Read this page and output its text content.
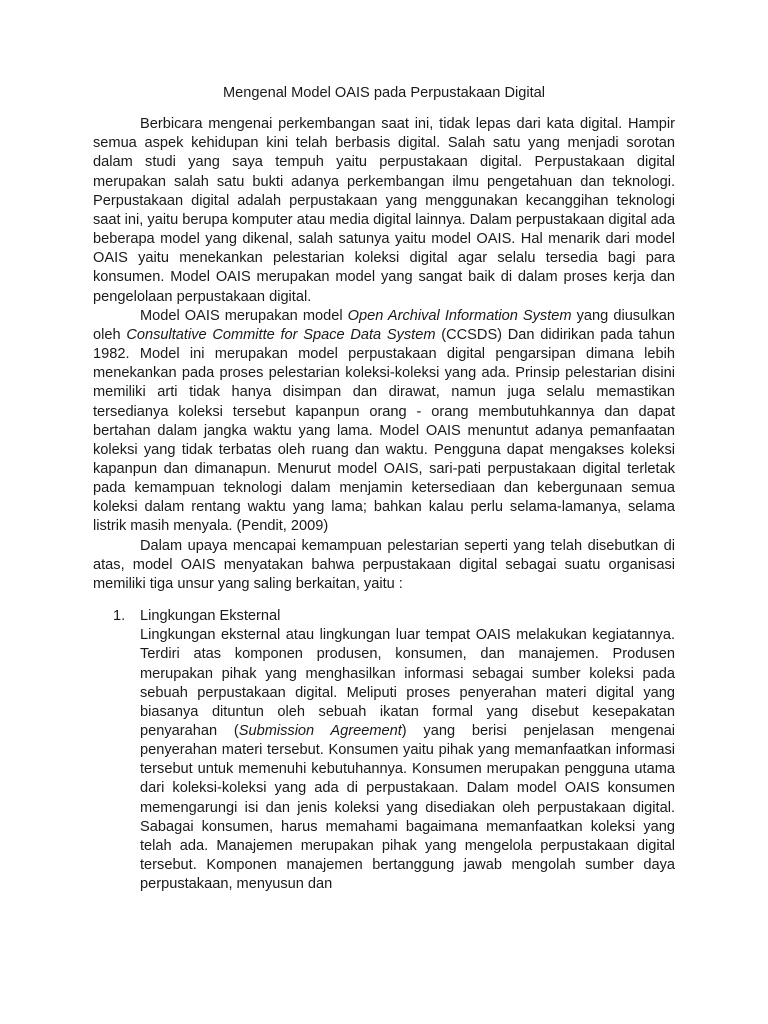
Mengenal Model OAIS pada Perpustakaan Digital

Berbicara mengenai perkembangan saat ini, tidak lepas dari kata digital. Hampir semua aspek kehidupan kini telah berbasis digital. Salah satu yang menjadi sorotan dalam studi yang saya tempuh yaitu perpustakaan digital. Perpustakaan digital merupakan salah satu bukti adanya perkembangan ilmu pengetahuan dan teknologi. Perpustakaan digital adalah perpustakaan yang menggunakan kecanggihan teknologi saat ini, yaitu berupa komputer atau media digital lainnya. Dalam perpustakaan digital ada beberapa model yang dikenal, salah satunya yaitu model OAIS. Hal menarik dari model OAIS yaitu menekankan pelestarian koleksi digital agar selalu tersedia bagi para konsumen. Model OAIS merupakan model yang sangat baik di dalam proses kerja dan pengelolaan perpustakaan digital.

Model OAIS merupakan model Open Archival Information System yang diusulkan oleh Consultative Committe for Space Data System (CCSDS) Dan didirikan pada tahun 1982. Model ini merupakan model perpustakaan digital pengarsipan dimana lebih menekankan pada proses pelestarian koleksi-koleksi yang ada. Prinsip pelestarian disini memiliki arti tidak hanya disimpan dan dirawat, namun juga selalu memastikan tersedianya koleksi tersebut kapanpun orang - orang membutuhkannya dan dapat bertahan dalam jangka waktu yang lama. Model OAIS menuntut adanya pemanfaatan koleksi yang tidak terbatas oleh ruang dan waktu. Pengguna dapat mengakses koleksi kapanpun dan dimanapun. Menurut model OAIS, sari-pati perpustakaan digital terletak pada kemampuan teknologi dalam menjamin ketersediaan dan kebergunaan semua koleksi dalam rentang waktu yang lama; bahkan kalau perlu selama-lamanya, selama listrik masih menyala. (Pendit, 2009)

Dalam upaya mencapai kemampuan pelestarian seperti yang telah disebutkan di atas, model OAIS menyatakan bahwa perpustakaan digital sebagai suatu organisasi memiliki tiga unsur yang saling berkaitan, yaitu :

1. Lingkungan Eksternal

Lingkungan eksternal atau lingkungan luar tempat OAIS melakukan kegiatannya. Terdiri atas komponen produsen, konsumen, dan manajemen. Produsen merupakan pihak yang menghasilkan informasi sebagai sumber koleksi pada sebuah perpustakaan digital. Meliputi proses penyerahan materi digital yang biasanya dituntun oleh sebuah ikatan formal yang disebut kesepakatan penyarahan (Submission Agreement) yang berisi penjelasan mengenai penyerahan materi tersebut. Konsumen yaitu pihak yang memanfaatkan informasi tersebut untuk memenuhi kebutuhannya. Konsumen merupakan pengguna utama dari koleksi-koleksi yang ada di perpustakaan. Dalam model OAIS konsumen memengarungi isi dan jenis koleksi yang disediakan oleh perpustakaan digital. Sabagai konsumen, harus memahami bagaimana memanfaatkan koleksi yang telah ada. Manajemen merupakan pihak yang mengelola perpustakaan digital tersebut. Komponen manajemen bertanggung jawab mengolah sumber daya perpustakaan, menyusun dan
